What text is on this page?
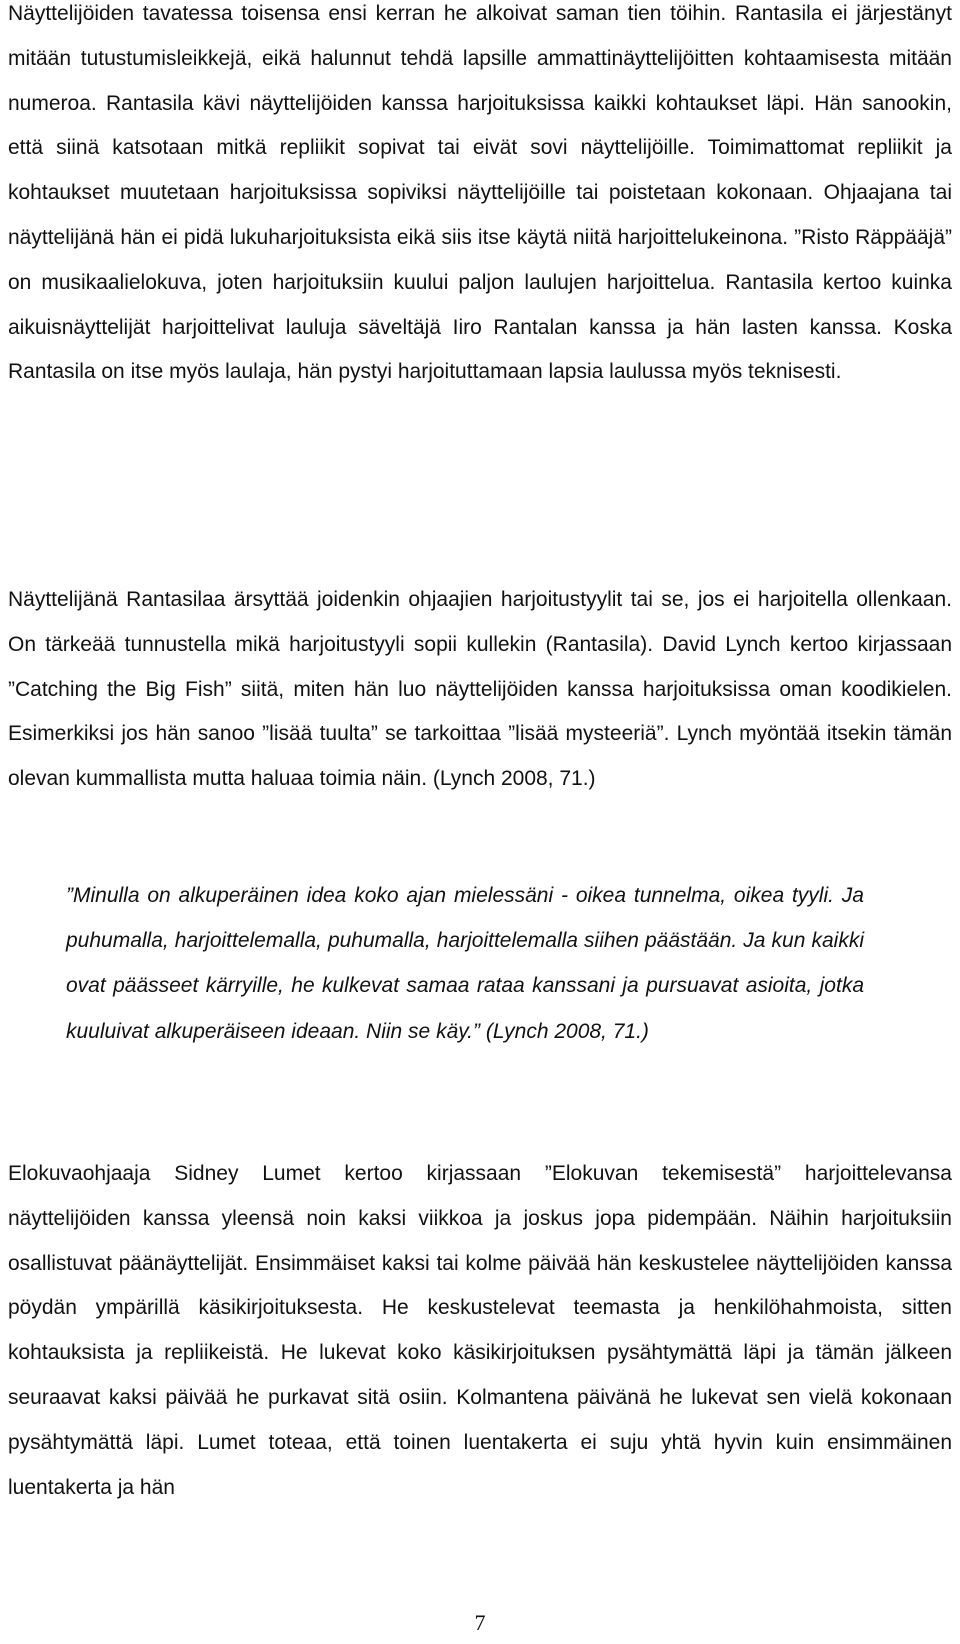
Näyttelijöiden tavatessa toisensa ensi kerran he alkoivat saman tien töihin. Rantasila ei järjestänyt mitään tutustumisleikkejä, eikä halunnut tehdä lapsille ammattinäyttelijöitten kohtaamisesta mitään numeroa. Rantasila kävi näyttelijöiden kanssa harjoituksissa kaikki kohtaukset läpi. Hän sanookin, että siinä katsotaan mitkä repliikit sopivat tai eivät sovi näyttelijöille. Toimimattomat repliikit ja kohtaukset muutetaan harjoituksissa sopiviksi näyttelijöille tai poistetaan kokonaan. Ohjaajana tai näyttelijänä hän ei pidä lukuharjoituksista eikä siis itse käytä niitä harjoittelukeinona. ”Risto Räppääjä” on musikaalielokuva, joten harjoituksiin kuului paljon laulujen harjoittelua. Rantasila kertoo kuinka aikuisnäyttelijät harjoittelivat lauluja säveltäjä Iiro Rantalan kanssa ja hän lasten kanssa. Koska Rantasila on itse myös laulaja, hän pystyi harjoituttamaan lapsia laulussa myös teknisesti.

Näyttelijänä Rantasilaa ärsyttää joidenkin ohjaajien harjoitustyylit tai se, jos ei harjoitella ollenkaan. On tärkeää tunnustella mikä harjoitustyyli sopii kullekin (Rantasila). David Lynch kertoo kirjassaan ”Catching the Big Fish” siitä, miten hän luo näyttelijöiden kanssa harjoituksissa oman koodikielen. Esimerkiksi jos hän sanoo ”lisää tuulta” se tarkoittaa ”lisää mysteeriä”. Lynch myöntää itsekin tämän olevan kummallista mutta haluaa toimia näin. (Lynch 2008, 71.)

”Minulla on alkuperäinen idea koko ajan mielessäni - oikea tunnelma, oikea tyyli. Ja puhumalla, harjoittelemalla, puhumalla, harjoittelemalla siihen päästään. Ja kun kaikki ovat päässeet kärryille, he kulkevat samaa rataa kanssani ja pursuavat asioita, jotka kuuluivat alkuperäiseen ideaan. Niin se käy.” (Lynch 2008, 71.)

Elokuvaohjaaja Sidney Lumet kertoo kirjassaan ”Elokuvan tekemisestä” harjoittelevansa näyttelijöiden kanssa yleensä noin kaksi viikkoa ja joskus jopa pidempään. Näihin harjoituksiin osallistuvat päänäyttelijät. Ensimmäiset kaksi tai kolme päivää hän keskustelee näyttelijöiden kanssa pöydän ympärillä käsikirjoituksesta. He keskustelevat teemasta ja henkilöhahmoista, sitten kohtauksista ja repliikeistä. He lukevat koko käsikirjoituksen pysähtymättä läpi ja tämän jälkeen seuraavat kaksi päivää he purkavat sitä osiin. Kolmantena päivänä he lukevat sen vielä kokonaan pysähtymättä läpi. Lumet toteaa, että toinen luentakerta ei suju yhtä hyvin kuin ensimmäinen luentakerta ja hän

7
